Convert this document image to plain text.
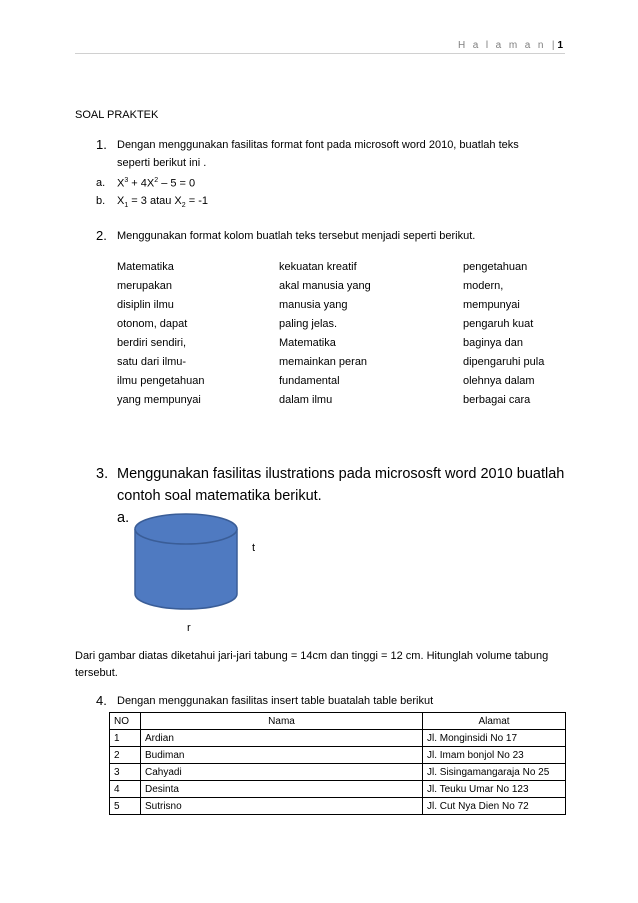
H a l a m a n | 1
SOAL PRAKTEK
1. Dengan menggunakan fasilitas format font pada microsoft word 2010, buatlah teks
seperti berikut ini .
a. $X^3 + 4X^2 - 5 = 0$
b. $X_1 = 3$ atau $X_2 = -1$
2. Menggunakan format kolom buatlah teks tersebut menjadi seperti berikut.
Matematika
merupakan
disiplin ilmu
otonom, dapat
berdiri sendiri,
satu dari ilmu-
ilmu pengetahuan
yang mempunyai
kekuatan kreatif
akal manusia yang
manusia yang
paling jelas.
Matematika
memainkan peran
fundamental
dalam ilmu
pengetahuan
modern,
mempunyai
pengaruh kuat
baginya dan
dipengaruhi pula
olehnya dalam
berbagai cara
3. Menggunakan fasilitas ilustrations pada micrososft word 2010 buatlah
contoh soal matematika berikut.
a.
t
r
Dari gambar diatas diketahui jari-jari tabung = 14cm dan tinggi = 12 cm. Hitunglah volume tabung
tersebut.
4. Dengan menggunakan fasilitas insert table buatalah table berikut
NO	Nama	Alamat
1	Ardian	Jl. Monginsidi No 17
2	Budiman	Jl. Imam bonjol No 23
3	Cahyadi	Jl. Sisingamangaraja No 25
4	Desinta	Jl. Teuku Umar No 123
5	Sutrisno	Jl. Cut Nya Dien No 72
